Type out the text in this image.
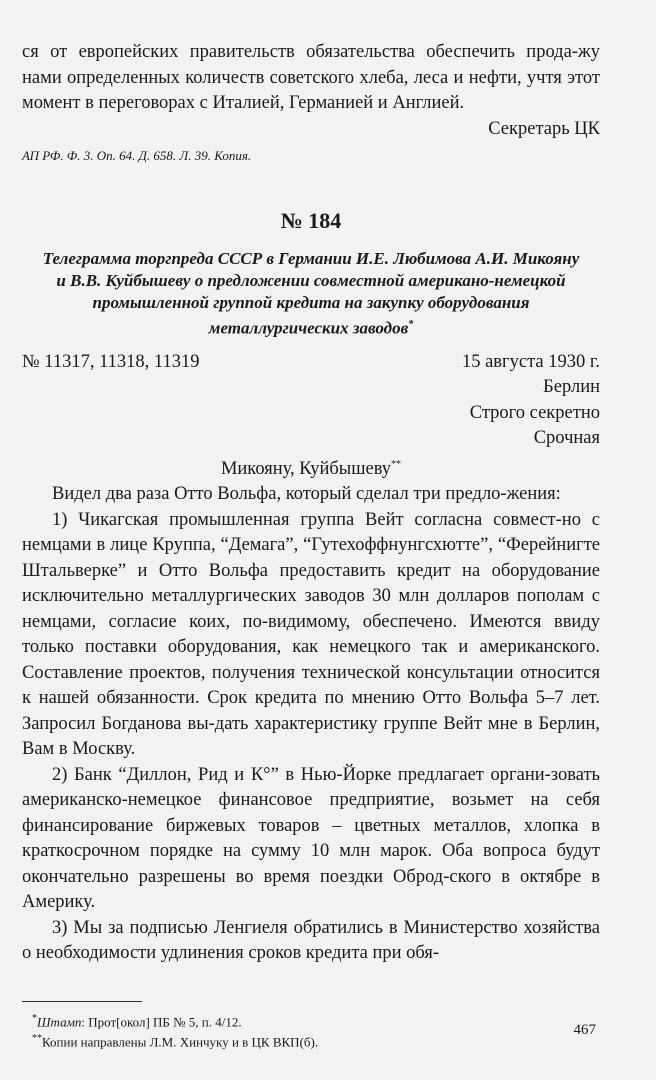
ся от европейских правительств обязательства обеспечить прода-жу нами определенных количеств советского хлеба, леса и нефти, учтя этот момент в переговорах с Италией, Германией и Англией.

Секретарь ЦК

АП РФ. Ф. 3. Оп. 64. Д. 658. Л. 39. Копия.

№ 184

Телеграмма торгпреда СССР в Германии И.Е. Любимова А.И. Микояну и В.В. Куйбышеву о предложении совместной американо-немецкой промышленной группой кредита на закупку оборудования металлургических заводов*

№ 11317, 11318, 11319	15 августа 1930 г.

Берлин

Строго секретно

Срочная

Микояну, Куйбышеву**

Видел два раза Отто Вольфа, который сделал три предло-жения:

1) Чикагская промышленная группа Вейт согласна совмест-но с немцами в лице Круппа, “Демага”, “Гутехоффнунгсхютте”, “Ферейнигте Штальверке” и Отто Вольфа предоставить кредит на оборудование исключительно металлургических заводов 30 млн долларов пополам с немцами, согласие коих, по-видимому, обеспечено. Имеются ввиду только поставки оборудования, как немецкого так и американского. Составление проектов, получения технической консультации относится к нашей обязанности. Срок кредита по мнению Отто Вольфа 5–7 лет. Запросил Богданова вы-дать характеристику группе Вейт мне в Берлин, Вам в Москву.

2) Банк “Диллон, Рид и К°” в Нью-Йорке предлагает органи-зовать американско-немецкое финансовое предприятие, возьмет на себя финансирование биржевых товаров – цветных металлов, хлопка в краткосрочном порядке на сумму 10 млн марок. Оба вопроса будут окончательно разрешены во время поездки Оброд-ского в октябре в Америку.

3) Мы за подписью Ленгиеля обратились в Министерство хозяйства о необходимости удлинения сроков кредита при обя-

*Штамп: Прот[окол] ПБ № 5, п. 4/12.

**Копии направлены Л.М. Хинчуку и в ЦК ВКП(б).

467
